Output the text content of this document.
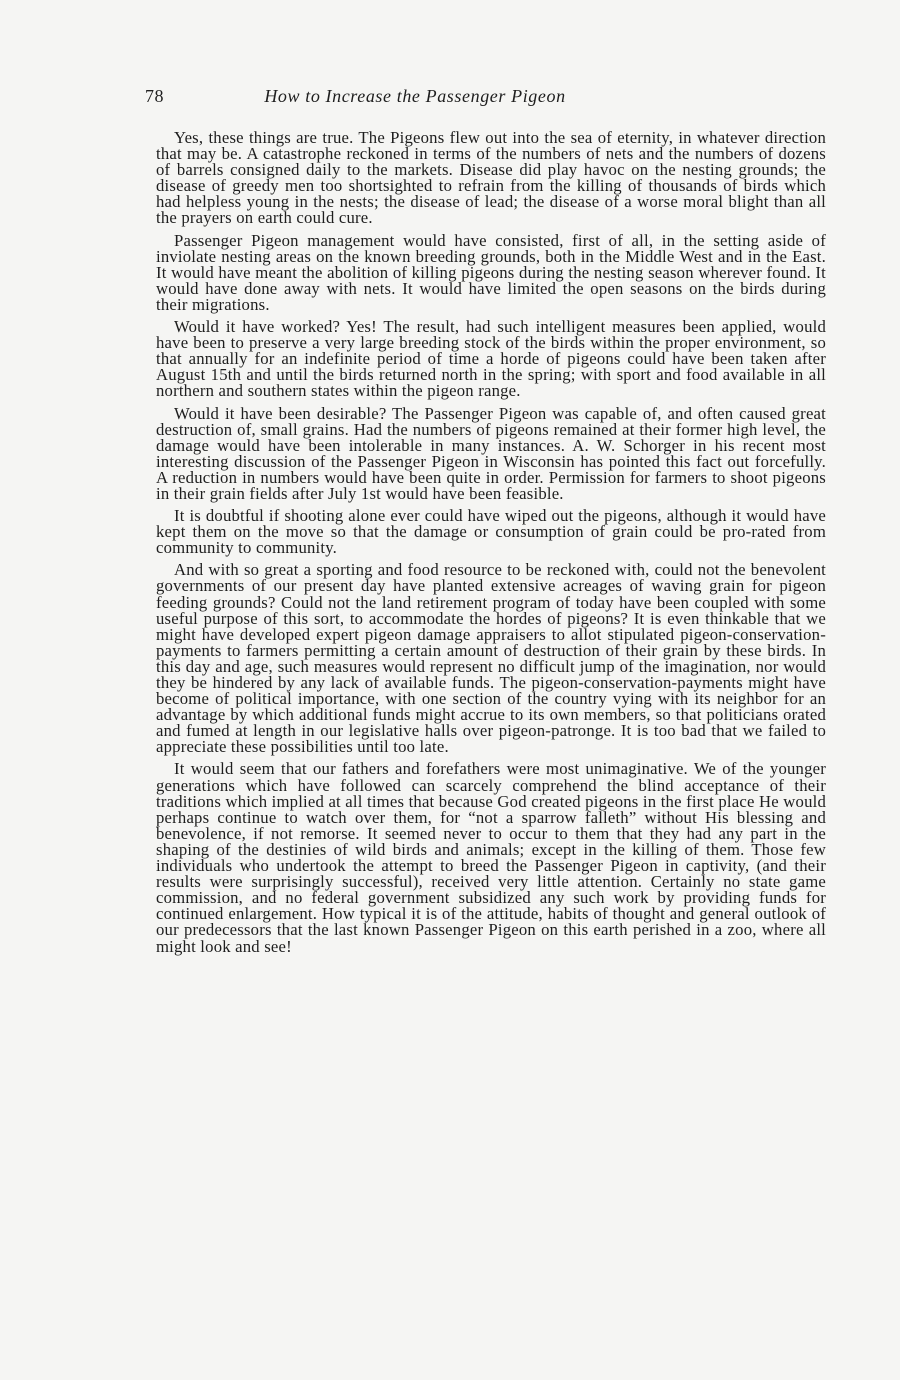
78	How to Increase the Passenger Pigeon

Yes, these things are true. The Pigeons flew out into the sea of eternity, in whatever direction that may be. A catastrophe reckoned in terms of the numbers of nets and the numbers of dozens of barrels consigned daily to the markets. Disease did play havoc on the nesting grounds; the disease of greedy men too shortsighted to refrain from the killing of thousands of birds which had helpless young in the nests; the disease of lead; the disease of a worse moral blight than all the prayers on earth could cure.

Passenger Pigeon management would have consisted, first of all, in the setting aside of inviolate nesting areas on the known breeding grounds, both in the Middle West and in the East. It would have meant the abolition of killing pigeons during the nesting season wherever found. It would have done away with nets. It would have limited the open seasons on the birds during their migrations.

Would it have worked? Yes! The result, had such intelligent measures been applied, would have been to preserve a very large breeding stock of the birds within the proper environment, so that annually for an indefinite period of time a horde of pigeons could have been taken after August 15th and until the birds returned north in the spring; with sport and food available in all northern and southern states within the pigeon range.

Would it have been desirable? The Passenger Pigeon was capable of, and often caused great destruction of, small grains. Had the numbers of pigeons remained at their former high level, the damage would have been intolerable in many instances. A. W. Schorger in his recent most interesting discussion of the Passenger Pigeon in Wisconsin has pointed this fact out forcefully. A reduction in numbers would have been quite in order. Permission for farmers to shoot pigeons in their grain fields after July 1st would have been feasible.

It is doubtful if shooting alone ever could have wiped out the pigeons, although it would have kept them on the move so that the damage or consumption of grain could be pro-rated from community to community.

And with so great a sporting and food resource to be reckoned with, could not the benevolent governments of our present day have planted extensive acreages of waving grain for pigeon feeding grounds? Could not the land retirement program of today have been coupled with some useful purpose of this sort, to accommodate the hordes of pigeons? It is even thinkable that we might have developed expert pigeon damage appraisers to allot stipulated pigeon-conservation-payments to farmers permitting a certain amount of destruction of their grain by these birds. In this day and age, such measures would represent no difficult jump of the imagination, nor would they be hindered by any lack of available funds. The pigeon-conservation-payments might have become of political importance, with one section of the country vying with its neighbor for an advantage by which additional funds might accrue to its own members, so that politicians orated and fumed at length in our legislative halls over pigeon-patronge. It is too bad that we failed to appreciate these possibilities until too late.

It would seem that our fathers and forefathers were most unimaginative. We of the younger generations which have followed can scarcely comprehend the blind acceptance of their traditions which implied at all times that because God created pigeons in the first place He would perhaps continue to watch over them, for “not a sparrow falleth” without His blessing and benevolence, if not remorse. It seemed never to occur to them that they had any part in the shaping of the destinies of wild birds and animals; except in the killing of them. Those few individuals who undertook the attempt to breed the Passenger Pigeon in captivity, (and their results were surprisingly successful), received very little attention. Certainly no state game commission, and no federal government subsidized any such work by providing funds for continued enlargement. How typical it is of the attitude, habits of thought and general outlook of our predecessors that the last known Passenger Pigeon on this earth perished in a zoo, where all might look and see!
